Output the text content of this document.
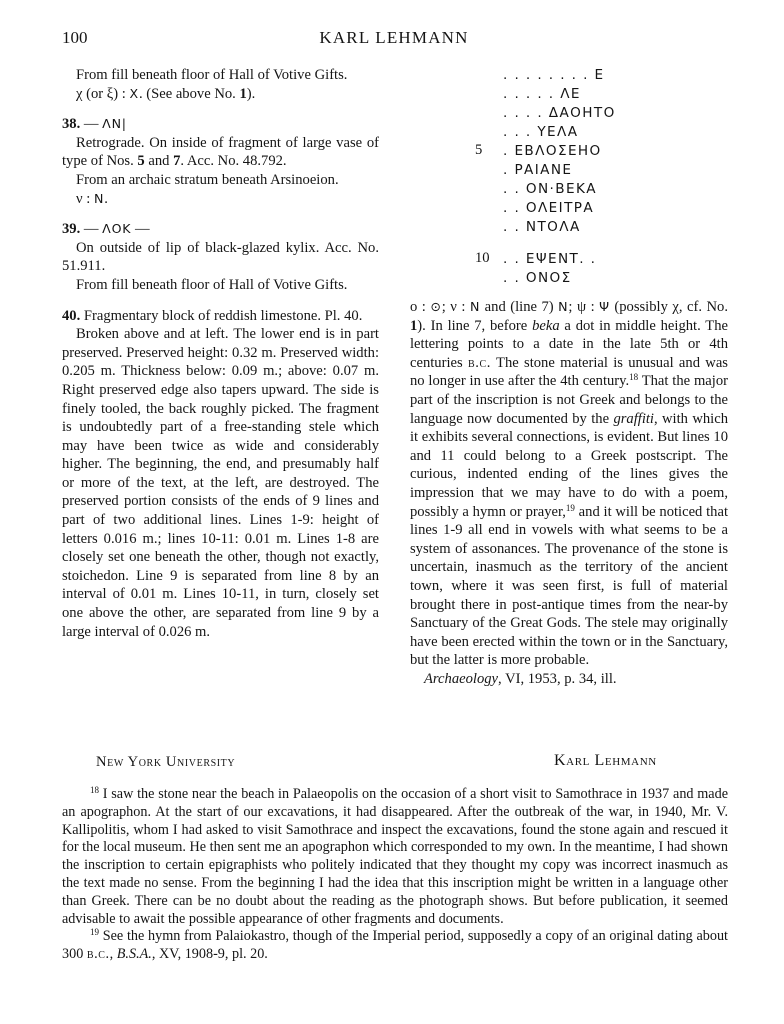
100	KARL LEHMANN
From fill beneath floor of Hall of Votive Gifts.
χ (or ξ) : X. (See above No. 1).
38. — ΛΝ|
Retrograde. On inside of fragment of large vase of type of Nos. 5 and 7. Acc. No. 48.792.
From an archaic stratum beneath Arsinoeion.
ν : Ν.
39. — ΛΟΚ —
On outside of lip of black-glazed kylix. Acc. No. 51.911.
From fill beneath floor of Hall of Votive Gifts.
40. Fragmentary block of reddish limestone. Pl. 40.
Broken above and at left. The lower end is in part preserved. Preserved height: 0.32 m. Preserved width: 0.205 m. Thickness below: 0.09 m.; above: 0.07 m. Right preserved edge also tapers upward. The side is finely tooled, the back roughly picked. The fragment is undoubtedly part of a free-standing stele which may have been twice as wide and considerably higher. The beginning, the end, and presumably half or more of the text, at the left, are destroyed. The preserved portion consists of the ends of 9 lines and part of two additional lines. Lines 1-9: height of letters 0.016 m.; lines 10-11: 0.01 m. Lines 1-8 are closely set one beneath the other, though not exactly, stoichedon. Line 9 is separated from line 8 by an interval of 0.01 m. Lines 10-11, in turn, closely set one above the other, are separated from line 9 by a large interval of 0.026 m.
. . . . . . . . Ε
. . . . . ΛΕ
. . . . ΔΑΟΗΤΟ
. . . ΥΕΛΑ
5 . ΕΒΛΟΣΕΗΟ
. ΡΑΙΑΝΕ
. . ΟΝ·ΒΕΚΑ
. . ΟΛΕΙΤΡΑ
. . ΝΤΟΛΑ
10 . . ΕΨΕΝΤ. .
. . ΟΝΟΣ
ο : ⊙; ν : Ν and (line 7) Ν; ψ : Ψ (possibly χ, cf. No. 1). In line 7, before beka a dot in middle height. The lettering points to a date in the late 5th or 4th centuries b.c. The stone material is unusual and was no longer in use after the 4th century.$^{18}$ That the major part of the inscription is not Greek and belongs to the language now documented by the graffiti, with which it exhibits several connections, is evident. But lines 10 and 11 could belong to a Greek postscript. The curious, indented ending of the lines gives the impression that we may have to do with a poem, possibly a hymn or prayer,$^{19}$ and it will be noticed that lines 1-9 all end in vowels with what seems to be a system of assonances. The provenance of the stone is uncertain, inasmuch as the territory of the ancient town, where it was seen first, is full of material brought there in post-antique times from the near-by Sanctuary of the Great Gods. The stele may originally have been erected within the town or in the Sanctuary, but the latter is more probable.
Archaeology, VI, 1953, p. 34, ill.
New York University	Karl Lehmann
$^{18}$ I saw the stone near the beach in Palaeopolis on the occasion of a short visit to Samothrace in 1937 and made an apographon. At the start of our excavations, it had disappeared. After the outbreak of the war, in 1940, Mr. V. Kallipolitis, whom I had asked to visit Samothrace and inspect the excavations, found the stone again and rescued it for the local museum. He then sent me an apographon which corresponded to my own. In the meantime, I had shown the inscription to certain epigraphists who politely indicated that they thought my copy was incorrect inasmuch as the text made no sense. From the beginning I had the idea that this inscription might be written in a language other than Greek. There can be no doubt about the reading as the photograph shows. But before publication, it seemed advisable to await the possible appearance of other fragments and documents.
$^{19}$ See the hymn from Palaiokastro, though of the Imperial period, supposedly a copy of an original dating about 300 b.c., B.S.A., XV, 1908-9, pl. 20.
